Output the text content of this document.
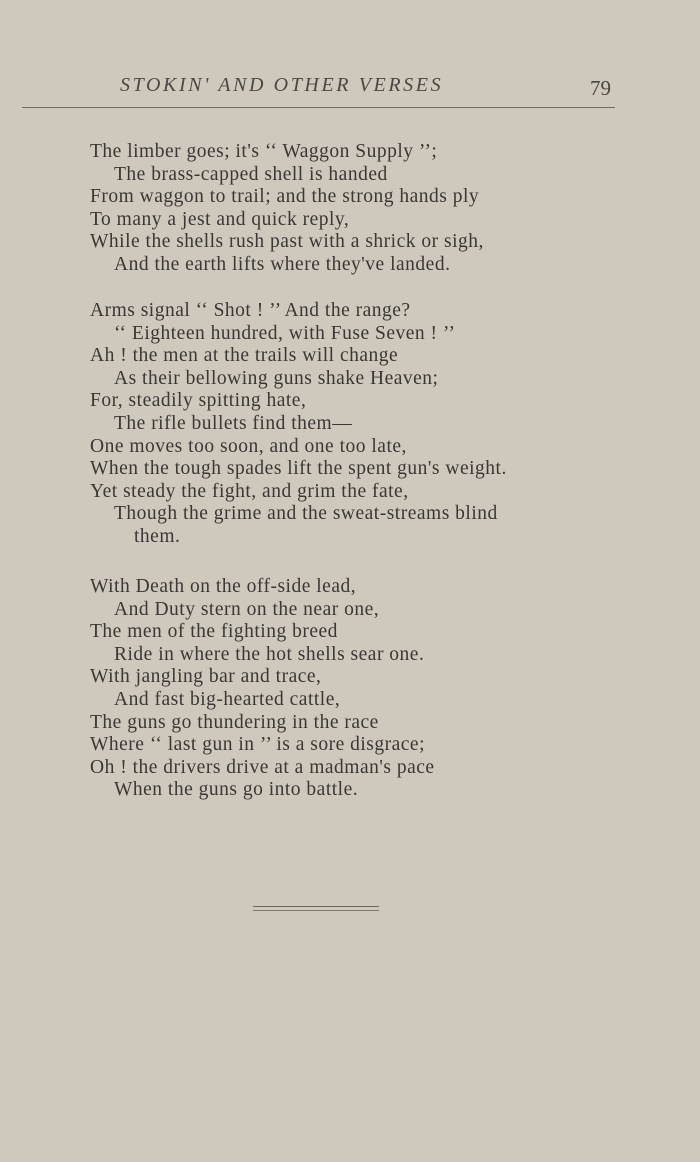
STOKIN' AND OTHER VERSES	79
The limber goes; it's ‘‘ Waggon Supply ’’;
The brass-capped shell is handed
From waggon to trail; and the strong hands ply
To many a jest and quick reply,
While the shells rush past with a shrick or sigh,
And the earth lifts where they've landed.
Arms signal ‘‘ Shot ! ’’ And the range?
‘‘ Eighteen hundred, with Fuse Seven ! ’’
Ah ! the men at the trails will change
As their bellowing guns shake Heaven;
For, steadily spitting hate,
The rifle bullets find them—
One moves too soon, and one too late,
When the tough spades lift the spent gun's weight.
Yet steady the fight, and grim the fate,
Though the grime and the sweat-streams blind
them.
With Death on the off-side lead,
And Duty stern on the near one,
The men of the fighting breed
Ride in where the hot shells sear one.
With jangling bar and trace,
And fast big-hearted cattle,
The guns go thundering in the race
Where ‘‘ last gun in ’’ is a sore disgrace;
Oh ! the drivers drive at a madman's pace
When the guns go into battle.
